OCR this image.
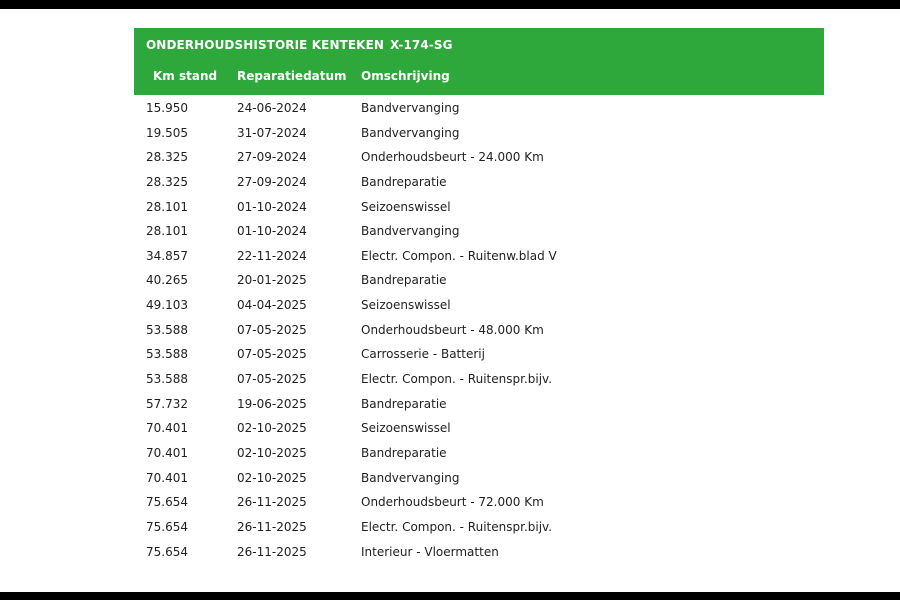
ONDERHOUDSHISTORIE KENTEKEN X-174-SG
Km stand Reparatiedatum Omschrijving
15.950	24-06-2024	Bandvervanging
19.505	31-07-2024	Bandvervanging
28.325	27-09-2024	Onderhoudsbeurt - 24.000 Km
28.325	27-09-2024	Bandreparatie
28.101	01-10-2024	Seizoenswissel
28.101	01-10-2024	Bandvervanging
34.857	22-11-2024	Electr. Compon. - Ruitenw.blad V
40.265	20-01-2025	Bandreparatie
49.103	04-04-2025	Seizoenswissel
53.588	07-05-2025	Onderhoudsbeurt - 48.000 Km
53.588	07-05-2025	Carrosserie - Batterij
53.588	07-05-2025	Electr. Compon. - Ruitenspr.bijv.
57.732	19-06-2025	Bandreparatie
70.401	02-10-2025	Seizoenswissel
70.401	02-10-2025	Bandreparatie
70.401	02-10-2025	Bandvervanging
75.654	26-11-2025	Onderhoudsbeurt - 72.000 Km
75.654	26-11-2025	Electr. Compon. - Ruitenspr.bijv.
75.654	26-11-2025	Interieur - Vloermatten
